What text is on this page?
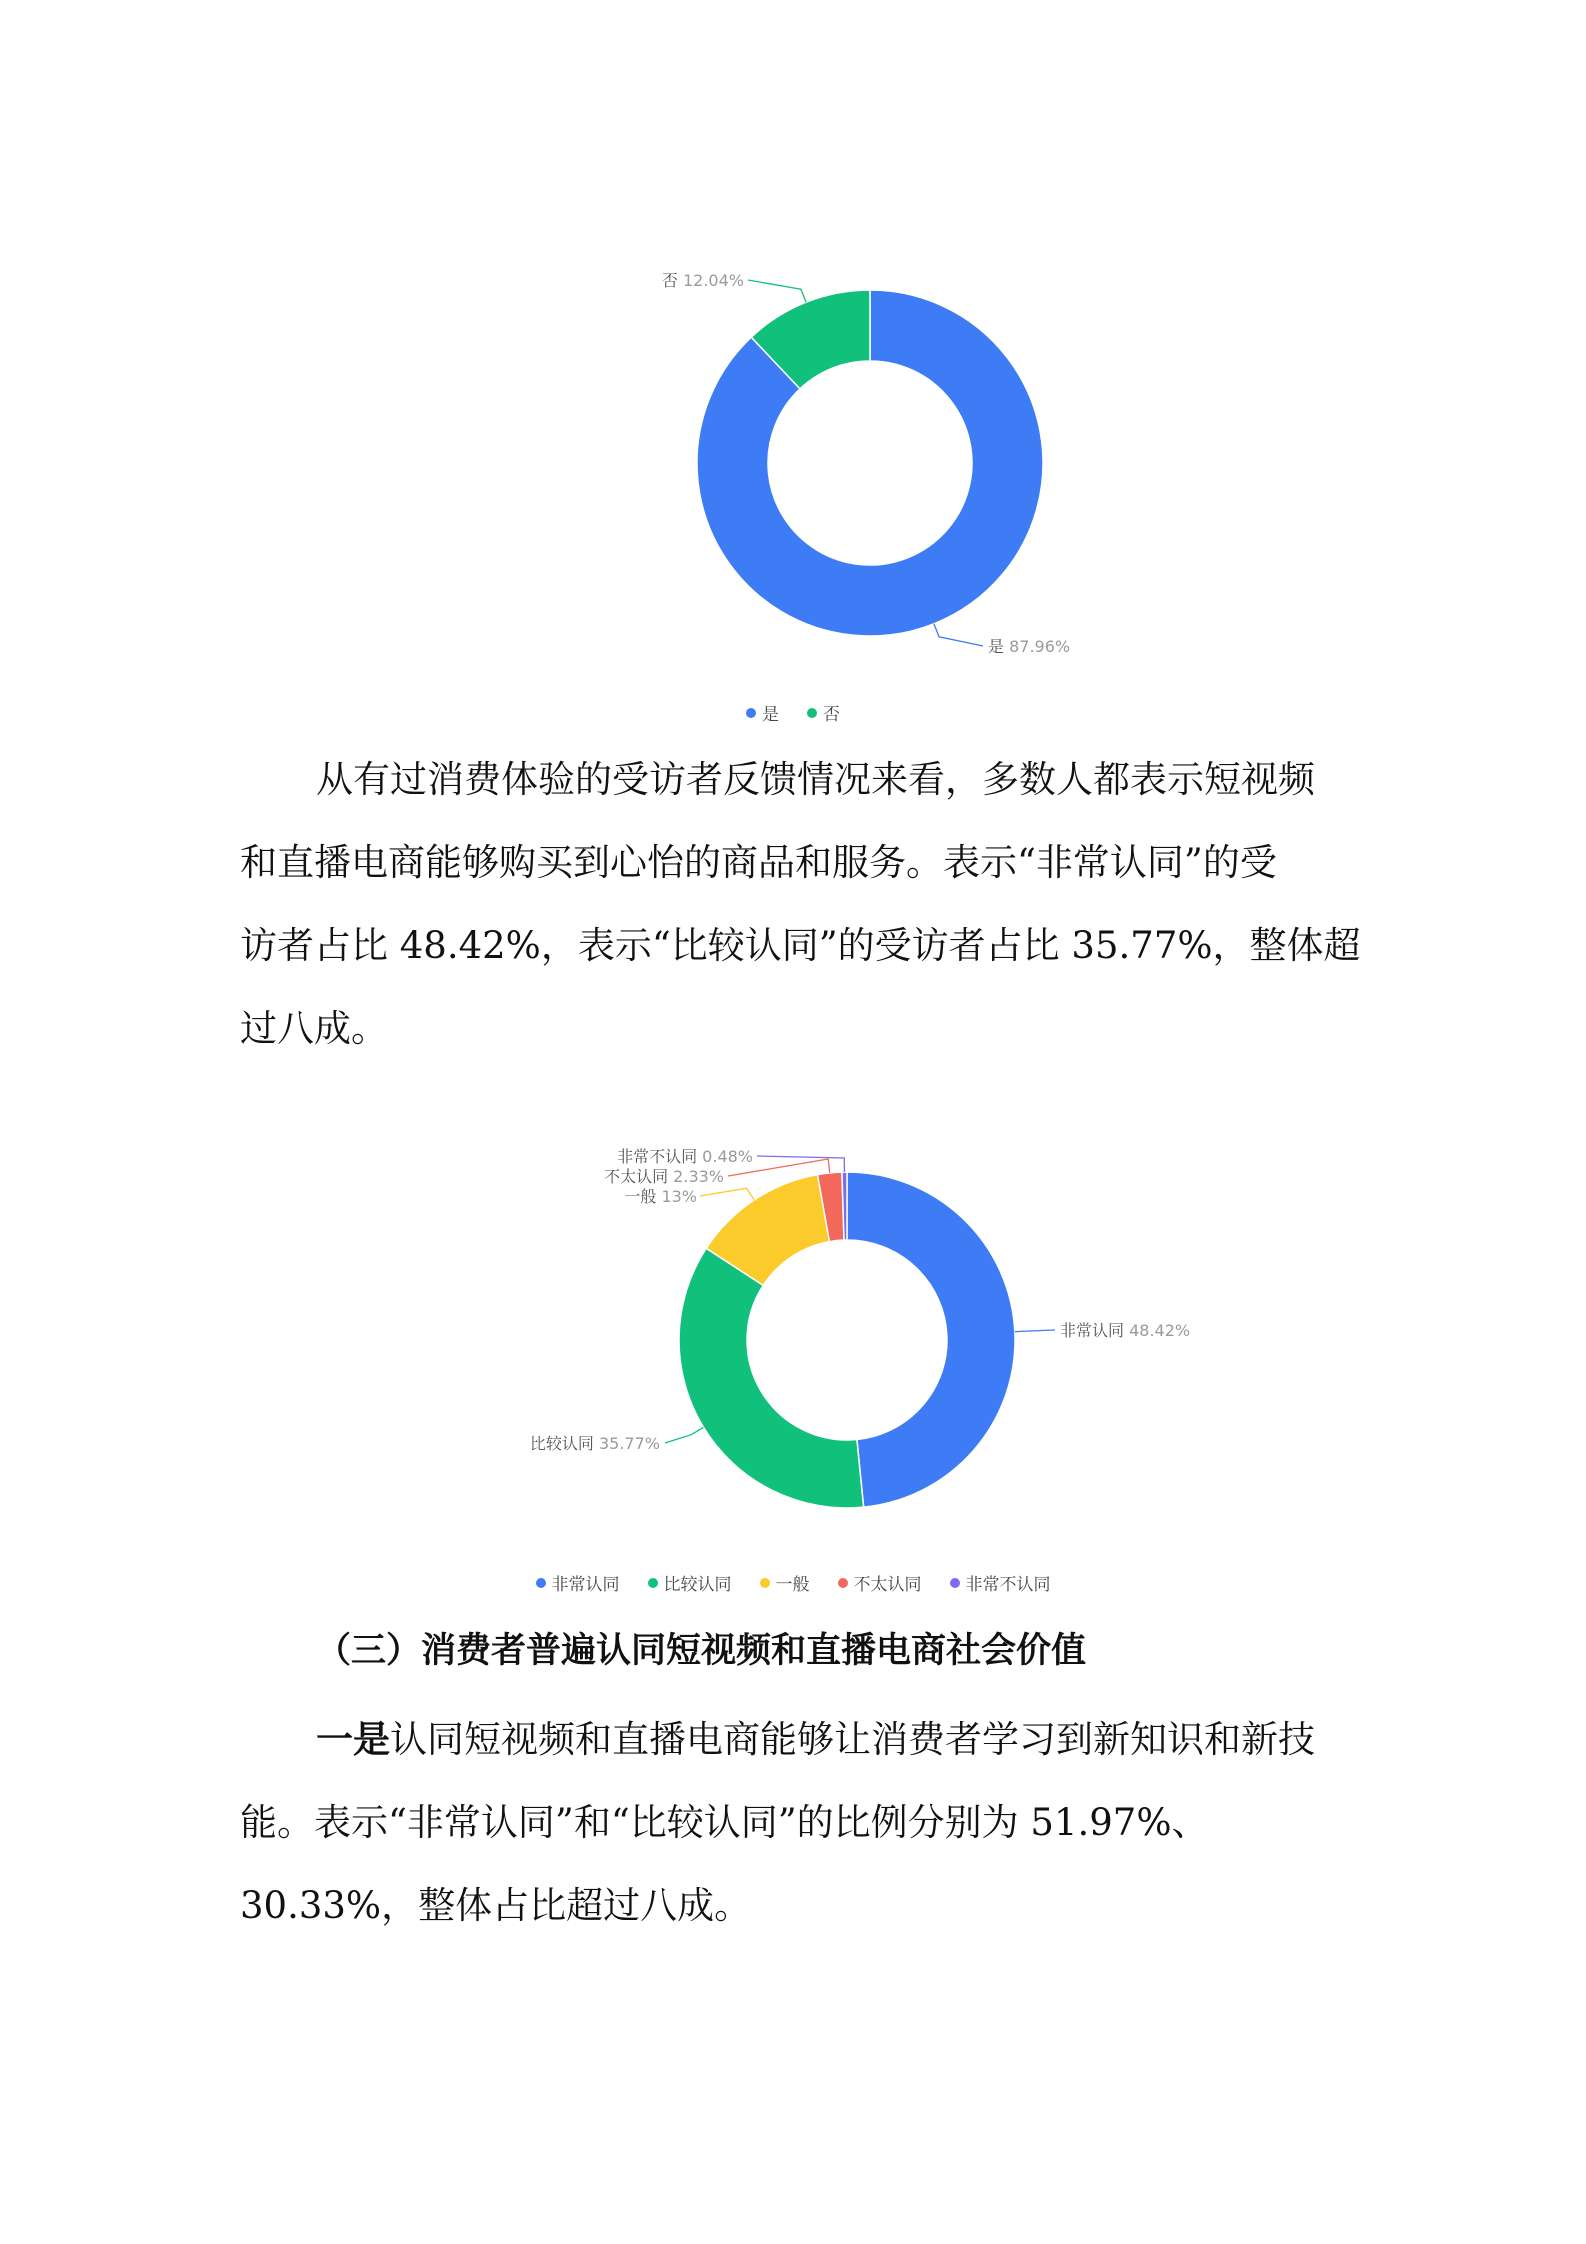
是 87.96%
否 12.04%
是	否
从有过消费体验的受访者反馈情况来看，多数人都表示短视频
和直播电商能够购买到心怡的商品和服务。表示“非常认同”的受
访者占比 48.42%，表示“比较认同”的受访者占比 35.77%，整体超
过八成。
非常认同 48.42%
比较认同 35.77%
一般 13%
不太认同 2.33%
非常不认同 0.48%
非常认同	比较认同	一般	不太认同	非常不认同
（三）消费者普遍认同短视频和直播电商社会价值
一是认同短视频和直播电商能够让消费者学习到新知识和新技
能。表示“非常认同”和“比较认同”的比例分别为 51.97%、
30.33%，整体占比超过八成。
